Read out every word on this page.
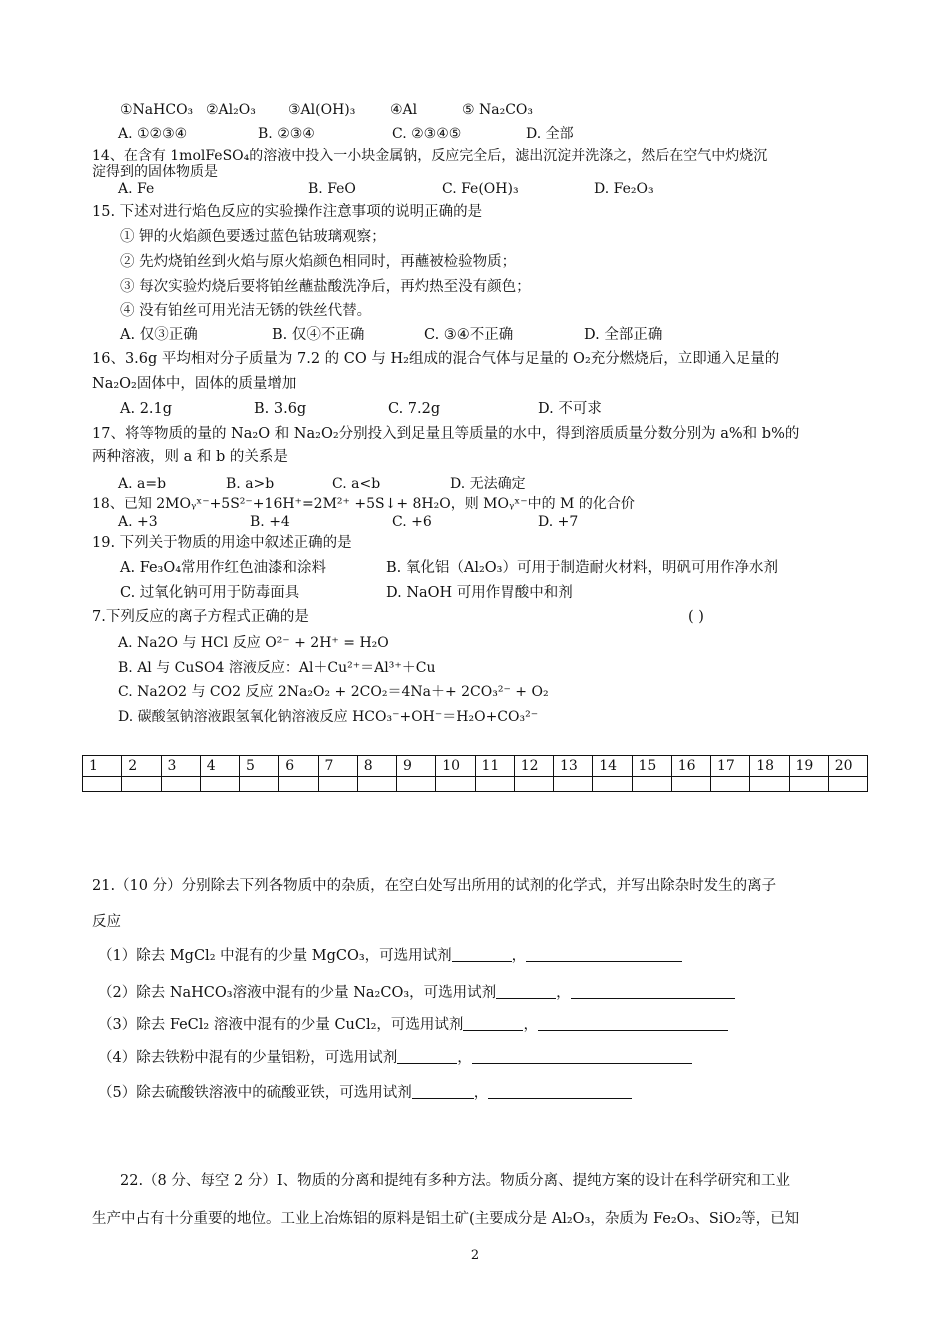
①NaHCO₃ ②Al₂O₃ ③Al(OH)₃ ④Al	⑤ Na₂CO₃
A. ①②③④	B. ②③④	C. ②③④⑤	D. 全部
14、在含有 1molFeSO₄的溶液中投入一小块金属钠，反应完全后，滤出沉淀并洗涤之，然后在空气中灼烧沉
淀得到的固体物质是
A. Fe	B. FeO	C. Fe(OH)₃	D. Fe₂O₃
15. 下述对进行焰色反应的实验操作注意事项的说明正确的是
① 钾的火焰颜色要透过蓝色钴玻璃观察；
② 先灼烧铂丝到火焰与原火焰颜色相同时，再蘸被检验物质；
③ 每次实验灼烧后要将铂丝蘸盐酸洗净后，再灼热至没有颜色；
④ 没有铂丝可用光洁无锈的铁丝代替。
A. 仅③正确	B. 仅④不正确	C. ③④不正确	D. 全部正确
16、3.6g 平均相对分子质量为 7.2 的 CO 与 H₂组成的混合气体与足量的 O₂充分燃烧后，立即通入足量的
Na₂O₂固体中，固体的质量增加
A. 2.1g	B. 3.6g	C. 7.2g	D. 不可求
17、将等物质的量的 Na₂O 和 Na₂O₂分别投入到足量且等质量的水中，得到溶质质量分数分别为 a%和 b%的
两种溶液，则 a 和 b 的关系是
A. a=b	B. a>b	C. a<b	D. 无法确定
18、已知 2MOᵧˣ⁻+5S²⁻+16H⁺=2M²⁺ +5S↓+ 8H₂O，则 MOᵧˣ⁻中的 M 的化合价
A. +3	B. +4	C. +6	D. +7
19. 下列关于物质的用途中叙述正确的是
A. Fe₃O₄常用作红色油漆和涂料	B. 氧化铝（Al₂O₃）可用于制造耐火材料，明矾可用作净水剂
C. 过氧化钠可用于防毒面具	D. NaOH 可用作胃酸中和剂
7.下列反应的离子方程式正确的是	( )
A. Na2O 与 HCl 反应 O²⁻ + 2H⁺ = H₂O
B. Al 与 CuSO4 溶液反应：Al＋Cu²⁺＝Al³⁺＋Cu
C. Na2O2 与 CO2 反应 2Na₂O₂ + 2CO₂＝4Na＋+ 2CO₃²⁻ + O₂
D. 碳酸氢钠溶液跟氢氧化钠溶液反应 HCO₃⁻+OH⁻＝H₂O+CO₃²⁻
1	2	3	4	5	6	7	8	9	10	11	12	13	14	15	16	17	18	19	20

21.（10 分）分别除去下列各物质中的杂质，在空白处写出所用的试剂的化学式，并写出除杂时发生的离子
反应
（1）除去 MgCl₂ 中混有的少量 MgCO₃，可选用试剂	，
（2）除去 NaHCO₃溶液中混有的少量 Na₂CO₃，可选用试剂	，
（3）除去 FeCl₂ 溶液中混有的少量 CuCl₂，可选用试剂	，
（4）除去铁粉中混有的少量铝粉，可选用试剂	，
（5）除去硫酸铁溶液中的硫酸亚铁，可选用试剂	，
22.（8 分、每空 2 分）Ⅰ、物质的分离和提纯有多种方法。物质分离、提纯方案的设计在科学研究和工业
生产中占有十分重要的地位。工业上冶炼铝的原料是铝土矿(主要成分是 Al₂O₃，杂质为 Fe₂O₃、SiO₂等，已知
2
